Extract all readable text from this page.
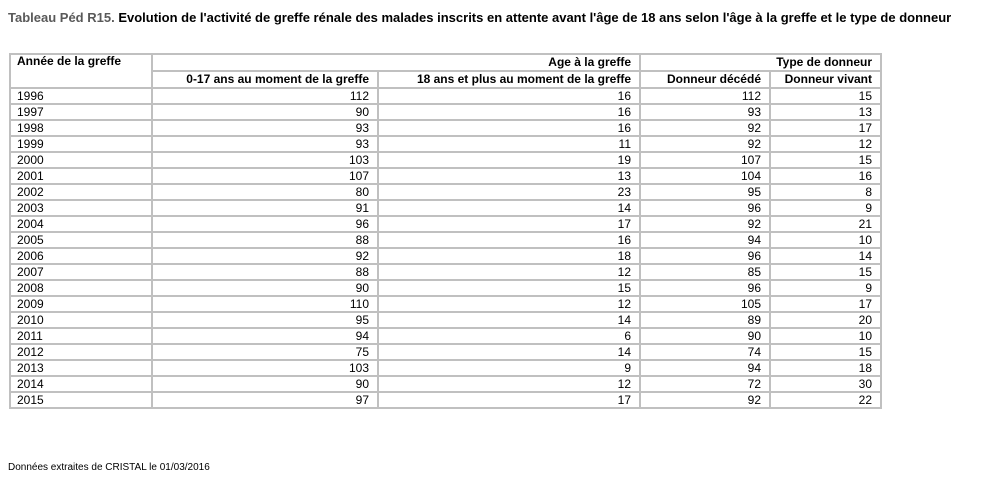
Tableau Péd R15. Evolution de l'activité de greffe rénale des malades inscrits en attente avant l'âge de 18 ans selon l'âge à la greffe et le type de donneur
Année de la greffe	Age à la greffe		Type de donneur	
	0-17 ans au moment de la greffe	18 ans et plus au moment de la greffe	Donneur décédé	Donneur vivant
1996	112	16	112	15
1997	90	16	93	13
1998	93	16	92	17
1999	93	11	92	12
2000	103	19	107	15
2001	107	13	104	16
2002	80	23	95	8
2003	91	14	96	9
2004	96	17	92	21
2005	88	16	94	10
2006	92	18	96	14
2007	88	12	85	15
2008	90	15	96	9
2009	110	12	105	17
2010	95	14	89	20
2011	94	6	90	10
2012	75	14	74	15
2013	103	9	94	18
2014	90	12	72	30
2015	97	17	92	22
Données extraites de CRISTAL le 01/03/2016
